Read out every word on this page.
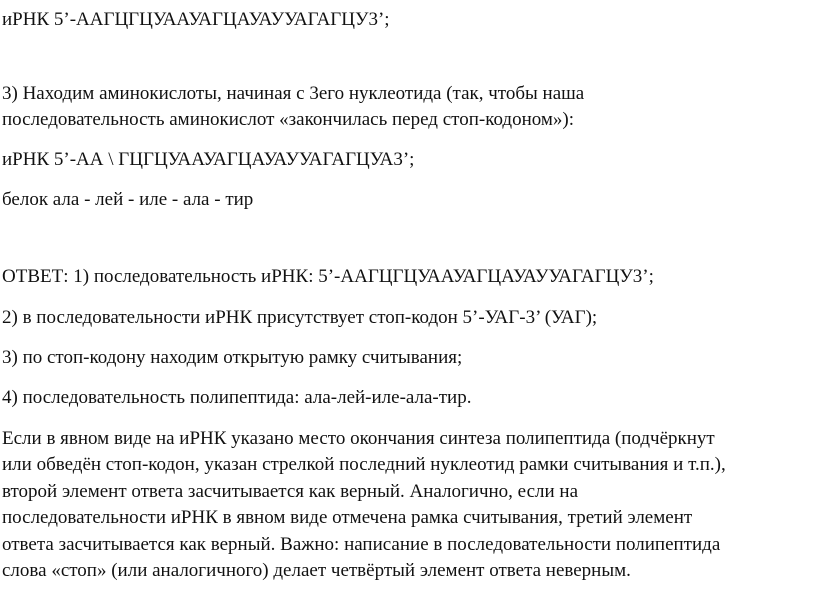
иРНК 5’-ААГЦГЦУААУАГЦАУАУУАГАГЦУ3’;

3) Находим аминокислоты, начиная с 3его нуклеотида (так, чтобы наша

последовательность аминокислот «закончилась перед стоп-кодоном»):

иРНК 5’-АА \ ГЦГЦУААУАГЦАУАУУАГАГЦУА3’;

белок ала - лей - иле - ала - тир

ОТВЕТ: 1) последовательность иРНК: 5’-ААГЦГЦУААУАГЦАУАУУАГАГЦУ3’;

2) в последовательности иРНК присутствует стоп-кодон 5’-УАГ-3’ (УАГ);

3) по стоп-кодону находим открытую рамку считывания;

4) последовательность полипептида: ала-лей-иле-ала-тир.

Если в явном виде на иРНК указано место окончания синтеза полипептида (подчёркнут

или обведён стоп-кодон, указан стрелкой последний нуклеотид рамки считывания и т.п.),

второй элемент ответа засчитывается как верный. Аналогично, если на

последовательности иРНК в явном виде отмечена рамка считывания, третий элемент

ответа засчитывается как верный. Важно: написание в последовательности полипептида

слова «стоп» (или аналогичного) делает четвёртый элемент ответа неверным.
